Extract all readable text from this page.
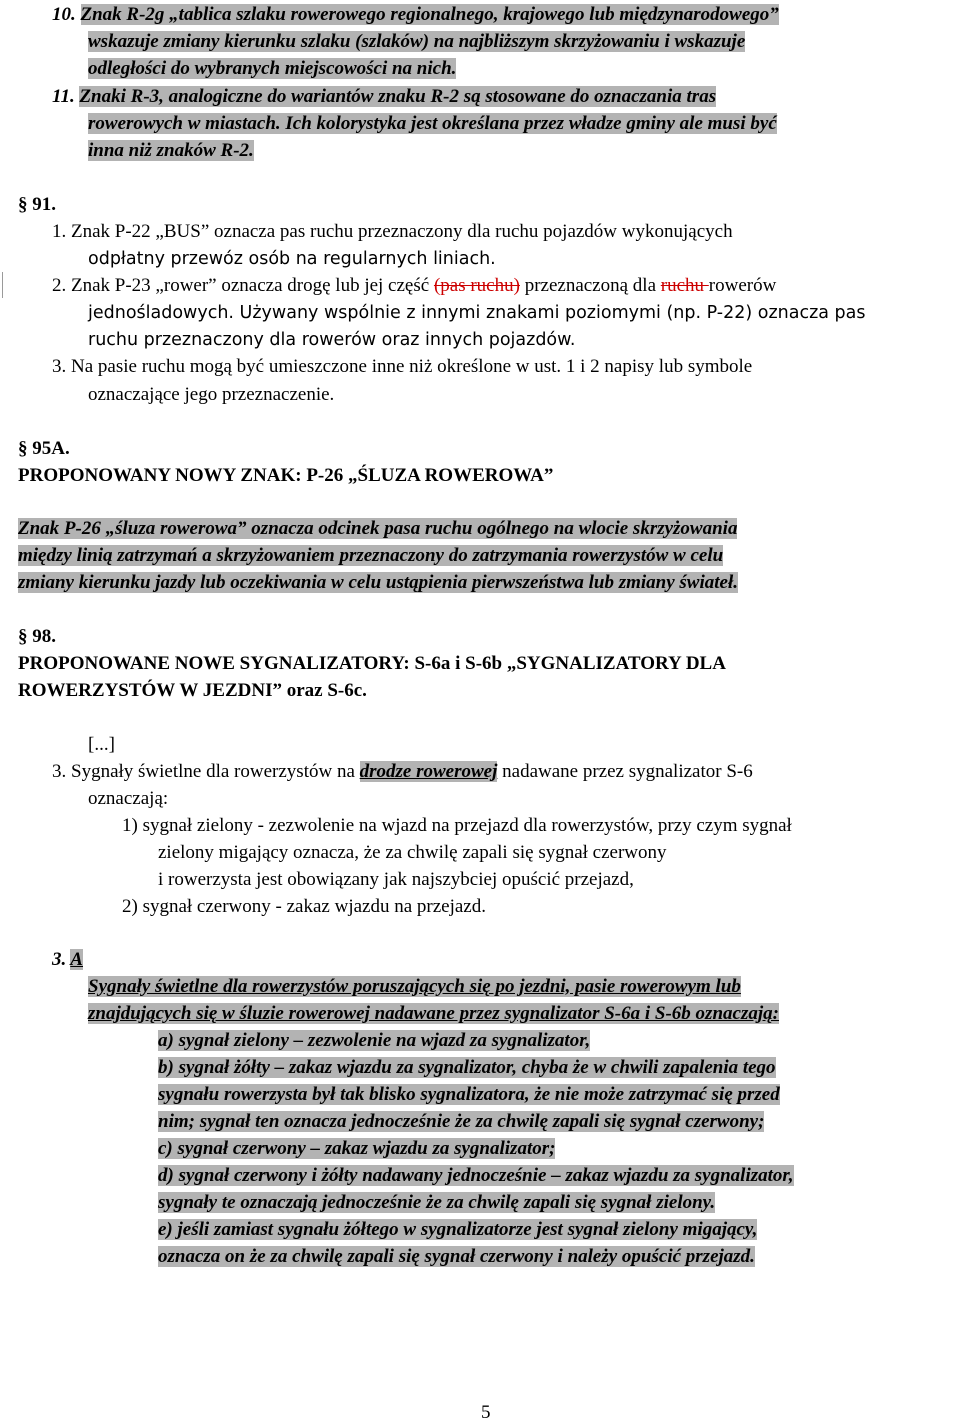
10. Znak R-2g „tablica szlaku rowerowego regionalnego, krajowego lub międzynarodowego”
wskazuje zmiany kierunku szlaku (szlaków) na najbliższym skrzyżowaniu i wskazuje
odległości do wybranych miejscowości na nich.
11. Znaki R-3, analogiczne do wariantów znaku R-2 są stosowane do oznaczania tras
rowerowych w miastach. Ich kolorystyka jest określana przez władze gminy ale musi być
inna niż znaków R-2.
§ 91.
1. Znak P-22 „BUS” oznacza pas ruchu przeznaczony dla ruchu pojazdów wykonujących
odpłatny przewóz osób na regularnych liniach.
2. Znak P-23 „rower” oznacza drogę lub jej część (pas ruchu) przeznaczoną dla ruchu rowerów
jednośladowych. Używany wspólnie z innymi znakami poziomymi (np. P-22) oznacza pas
ruchu przeznaczony dla rowerów oraz innych pojazdów.
3. Na pasie ruchu mogą być umieszczone inne niż określone w ust. 1 i 2 napisy lub symbole
oznaczające jego przeznaczenie.
§ 95A.
PROPONOWANY NOWY ZNAK: P-26 „ŚLUZA ROWEROWA”
Znak P-26 „śluza rowerowa” oznacza odcinek pasa ruchu ogólnego na wlocie skrzyżowania
między linią zatrzymań a skrzyżowaniem przeznaczony do zatrzymania rowerzystów w celu
zmiany kierunku jazdy lub oczekiwania w celu ustąpienia pierwszeństwa lub zmiany świateł.
§ 98.
PROPONOWANE NOWE SYGNALIZATORY: S-6a i S-6b „SYGNALIZATORY DLA
ROWERZYSTÓW W JEZDNI” oraz S-6c.
[...]
3. Sygnały świetlne dla rowerzystów na drodze rowerowej nadawane przez sygnalizator S-6
oznaczają:
1) sygnał zielony - zezwolenie na wjazd na przejazd dla rowerzystów, przy czym sygnał
zielony migający oznacza, że za chwilę zapali się sygnał czerwony
i rowerzysta jest obowiązany jak najszybciej opuścić przejazd,
2) sygnał czerwony - zakaz wjazdu na przejazd.
3. A
Sygnały świetlne dla rowerzystów poruszających się po jezdni, pasie rowerowym lub
znajdujących się w śluzie rowerowej nadawane przez sygnalizator S-6a i S-6b oznaczają:
a) sygnał zielony – zezwolenie na wjazd za sygnalizator,
b) sygnał żółty – zakaz wjazdu za sygnalizator, chyba że w chwili zapalenia tego
sygnału rowerzysta był tak blisko sygnalizatora, że nie może zatrzymać się przed
nim; sygnał ten oznacza jednocześnie że za chwilę zapali się sygnał czerwony;
c) sygnał czerwony – zakaz wjazdu za sygnalizator;
d) sygnał czerwony i żółty nadawany jednocześnie – zakaz wjazdu za sygnalizator,
sygnały te oznaczają jednocześnie że za chwilę zapali się sygnał zielony.
e) jeśli zamiast sygnału żółtego w sygnalizatorze jest sygnał zielony migający,
oznacza on że za chwilę zapali się sygnał czerwony i należy opuścić przejazd.
5
